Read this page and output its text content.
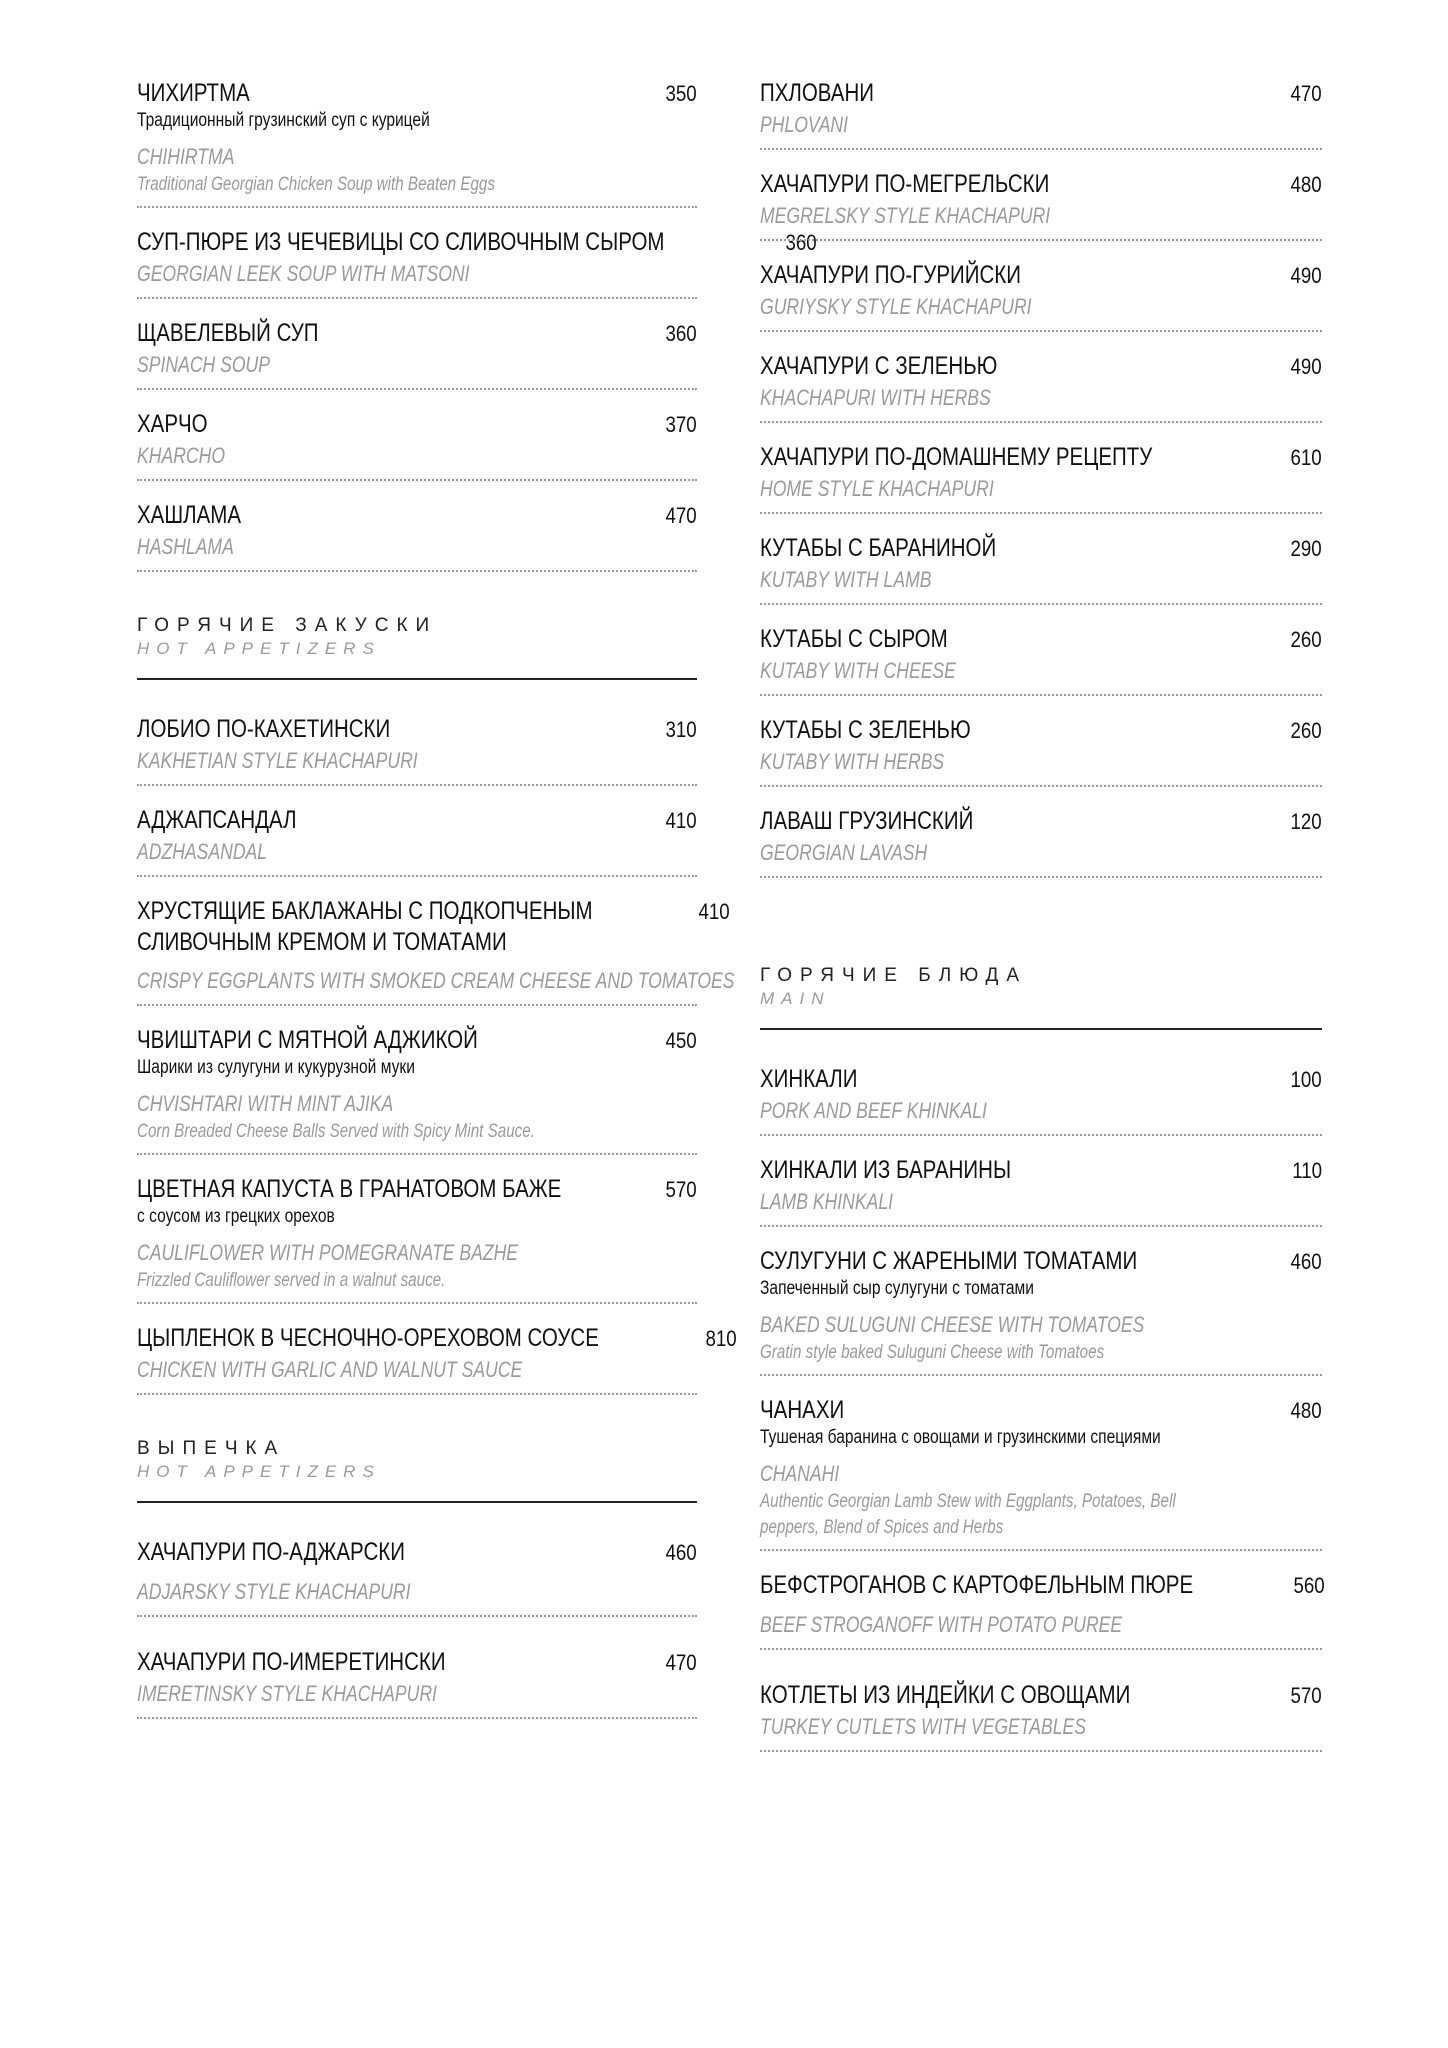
ЧИХИРТМА	350
Традиционный грузинский суп с курицей
CHIHIRTMA
Traditional Georgian Chicken Soup with Beaten Eggs
СУП-ПЮРЕ ИЗ ЧЕЧЕВИЦЫ СО СЛИВОЧНЫМ СЫРОМ	360
GEORGIAN LEEK SOUP WITH MATSONI
ЩАВЕЛЕВЫЙ СУП	360
SPINACH SOUP
ХАРЧО	370
KHARCHO
ХАШЛАМА	470
HASHLAMA
ГОРЯЧИЕ ЗАКУСКИ
HOT APPETIZERS
ЛОБИО ПО-КАХЕТИНСКИ	310
KAKHETIAN STYLE KHACHAPURI
АДЖАПСАНДАЛ	410
ADZHASANDAL
ХРУСТЯЩИЕ БАКЛАЖАНЫ С ПОДКОПЧЕНЫМ	410
СЛИВОЧНЫМ КРЕМОМ И ТОМАТАМИ
CRISPY EGGPLANTS WITH SMOKED CREAM CHEESE AND TOMATOES
ЧВИШТАРИ С МЯТНОЙ АДЖИКОЙ	450
Шарики из сулугуни и кукурузной муки
CHVISHTARI WITH MINT AJIKA
Corn Breaded Cheese Balls Served with Spicy Mint Sauce.
ЦВЕТНАЯ КАПУСТА В ГРАНАТОВОМ БАЖЕ	570
с соусом из грецких орехов
CAULIFLOWER WITH POMEGRANATE BAZHE
Frizzled Cauliflower served in a walnut sauce.
ЦЫПЛЕНОК В ЧЕСНОЧНО-ОРЕХОВОМ СОУСЕ	810
CHICKEN WITH GARLIC AND WALNUT SAUCE
ВЫПЕЧКА
HOT APPETIZERS
ХАЧАПУРИ ПО-АДЖАРСКИ	460
ADJARSKY STYLE KHACHAPURI
ХАЧАПУРИ ПО-ИМЕРЕТИНСКИ	470
IMERETINSKY STYLE KHACHAPURI
ПХЛОВАНИ	470
PHLOVANI
ХАЧАПУРИ ПО-МЕГРЕЛЬСКИ	480
MEGRELSKY STYLE KHACHAPURI
ХАЧАПУРИ ПО-ГУРИЙСКИ	490
GURIYSKY STYLE KHACHAPURI
ХАЧАПУРИ С ЗЕЛЕНЬЮ	490
KHACHAPURI WITH HERBS
ХАЧАПУРИ ПО-ДОМАШНЕМУ РЕЦЕПТУ	610
HOME STYLE KHACHAPURI
КУТАБЫ С БАРАНИНОЙ	290
KUTABY WITH LAMB
КУТАБЫ С СЫРОМ	260
KUTABY WITH CHEESE
КУТАБЫ С ЗЕЛЕНЬЮ	260
KUTABY WITH HERBS
ЛАВАШ ГРУЗИНСКИЙ	120
GEORGIAN LAVASH
ГОРЯЧИЕ БЛЮДА
MAIN
ХИНКАЛИ	100
PORK AND BEEF KHINKALI
ХИНКАЛИ ИЗ БАРАНИНЫ	110
LAMB KHINKALI
СУЛУГУНИ С ЖАРЕНЫМИ ТОМАТАМИ	460
Запеченный сыр сулугуни с томатами
BAKED SULUGUNI CHEESE WITH TOMATOES
Gratin style baked Suluguni Cheese with Tomatoes
ЧАНАХИ	480
Тушеная баранина с овощами и грузинскими специями
CHANAHI
Authentic Georgian Lamb Stew with Eggplants, Potatoes, Bell
peppers, Blend of Spices and Herbs
БЕФСТРОГАНОВ С КАРТОФЕЛЬНЫМ ПЮРЕ	560
BEEF STROGANOFF WITH POTATO PUREE
КОТЛЕТЫ ИЗ ИНДЕЙКИ С ОВОЩАМИ	570
TURKEY CUTLETS WITH VEGETABLES
